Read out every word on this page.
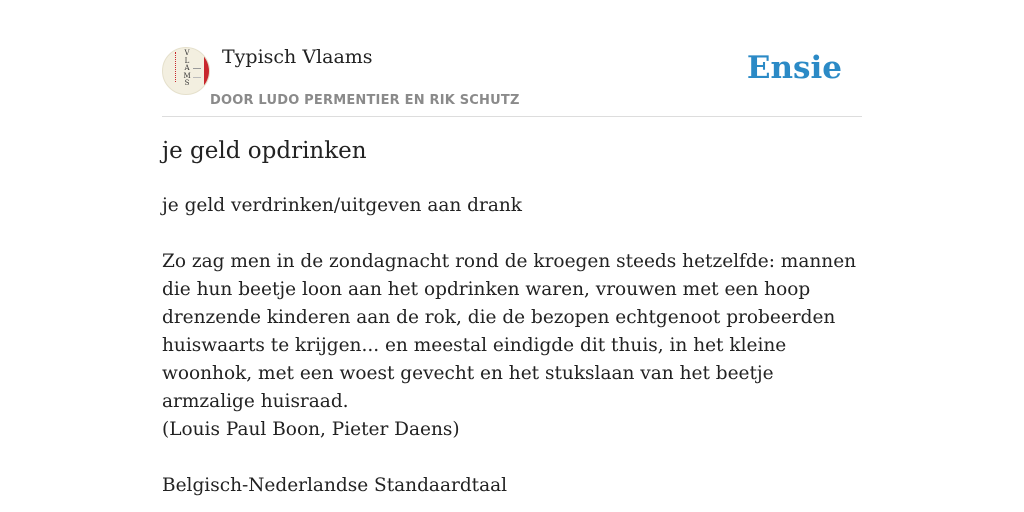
VLAMS
Typisch Vlaams
DOOR LUDO PERMENTIER EN RIK SCHUTZ
Ensie
je geld opdrinken

je geld verdrinken/uitgeven aan drank

Zo zag men in de zondagnacht rond de kroegen steeds hetzelfde: mannen die hun beetje loon aan het opdrinken waren, vrouwen met een hoop drenzende kinderen aan de rok, die de bezopen echtgenoot probeerden huiswaarts te krijgen... en meestal eindigde dit thuis, in het kleine woonhok, met een woest gevecht en het stukslaan van het beetje armzalige huisraad.

(Louis Paul Boon, Pieter Daens)

Belgisch-Nederlandse Standaardtaal
